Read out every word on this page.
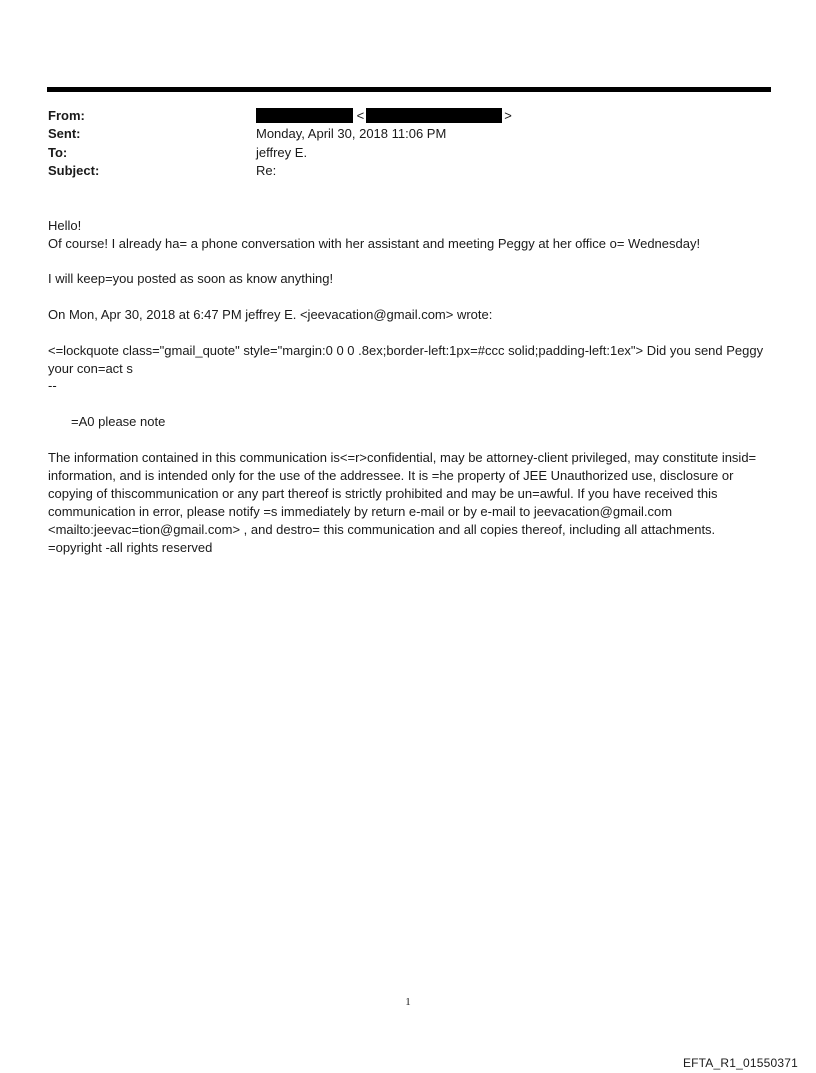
From:	<	>
Sent:	Monday, April 30, 2018 11:06 PM
To:	jeffrey E.
Subject:	Re:
Hello!
Of course! I already ha= a phone conversation with her assistant and meeting Peggy at her office o= Wednesday!
I will keep=you posted as soon as know anything!
On Mon, Apr 30, 2018 at 6:47 PM jeffrey E. <jeevacation@gmail.com> wrote:
<=lockquote class="gmail_quote" style="margin:0 0 0 .8ex;border-left:1px=#ccc solid;padding-left:1ex"> Did you send Peggy your con=act s
--
=A0 please note
The information contained in this communication is<=r>confidential, may be attorney-client privileged, may constitute insid= information, and is intended only for the use of the addressee. It is =he property of JEE Unauthorized use, disclosure or copying of thiscommunication or any part thereof is strictly prohibited and may be un=awful. If you have received this communication in error, please notify =s immediately by return e-mail or by e-mail to jeevacation@gmail.com <mailto:jeevac=tion@gmail.com> , and destro= this communication and all copies thereof, including all attachments. =opyright -all rights reserved
1
EFTA_R1_01550371
